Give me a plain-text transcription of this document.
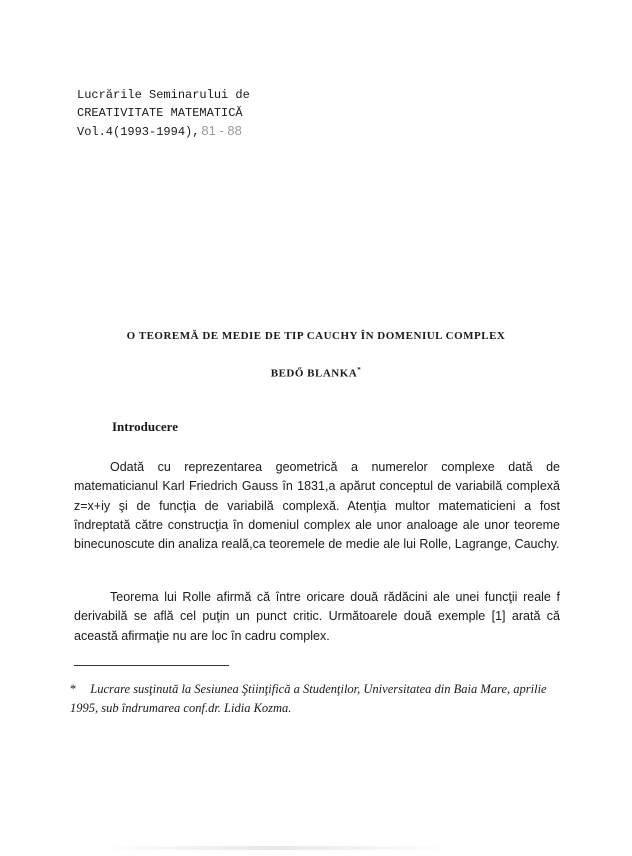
Lucrările Seminarului de
CREATIVITATE MATEMATICĂ
Vol.4(1993-1994), 81 - 88
O TEOREMĂ DE MEDIE DE TIP CAUCHY ÎN DOMENIUL COMPLEX
BEDŐ BLANKA*
Introducere

Odată cu reprezentarea geometrică a numerelor complexe dată de matematicianul Karl Friedrich Gauss în 1831,a apărut conceptul de variabilă complexă z=x+iy şi de funcţia de variabilă complexă. Atenţia multor matematicieni a fost îndreptată către construcţia în domeniul complex ale unor analoage ale unor teoreme binecunoscute din analiza reală,ca teoremele de medie ale lui Rolle, Lagrange, Cauchy.

Teorema lui Rolle afirmă că între oricare două rădăcini ale unei funcţii reale f derivabilă se află cel puţin un punct critic. Următoarele două exemple [1] arată că această afirmaţie nu are loc în cadru complex.

* Lucrare susţinută la Sesiunea Ştiinţifică a Studenţilor, Universitatea din Baia Mare, aprilie 1995, sub îndrumarea conf.dr. Lidia Kozma.
